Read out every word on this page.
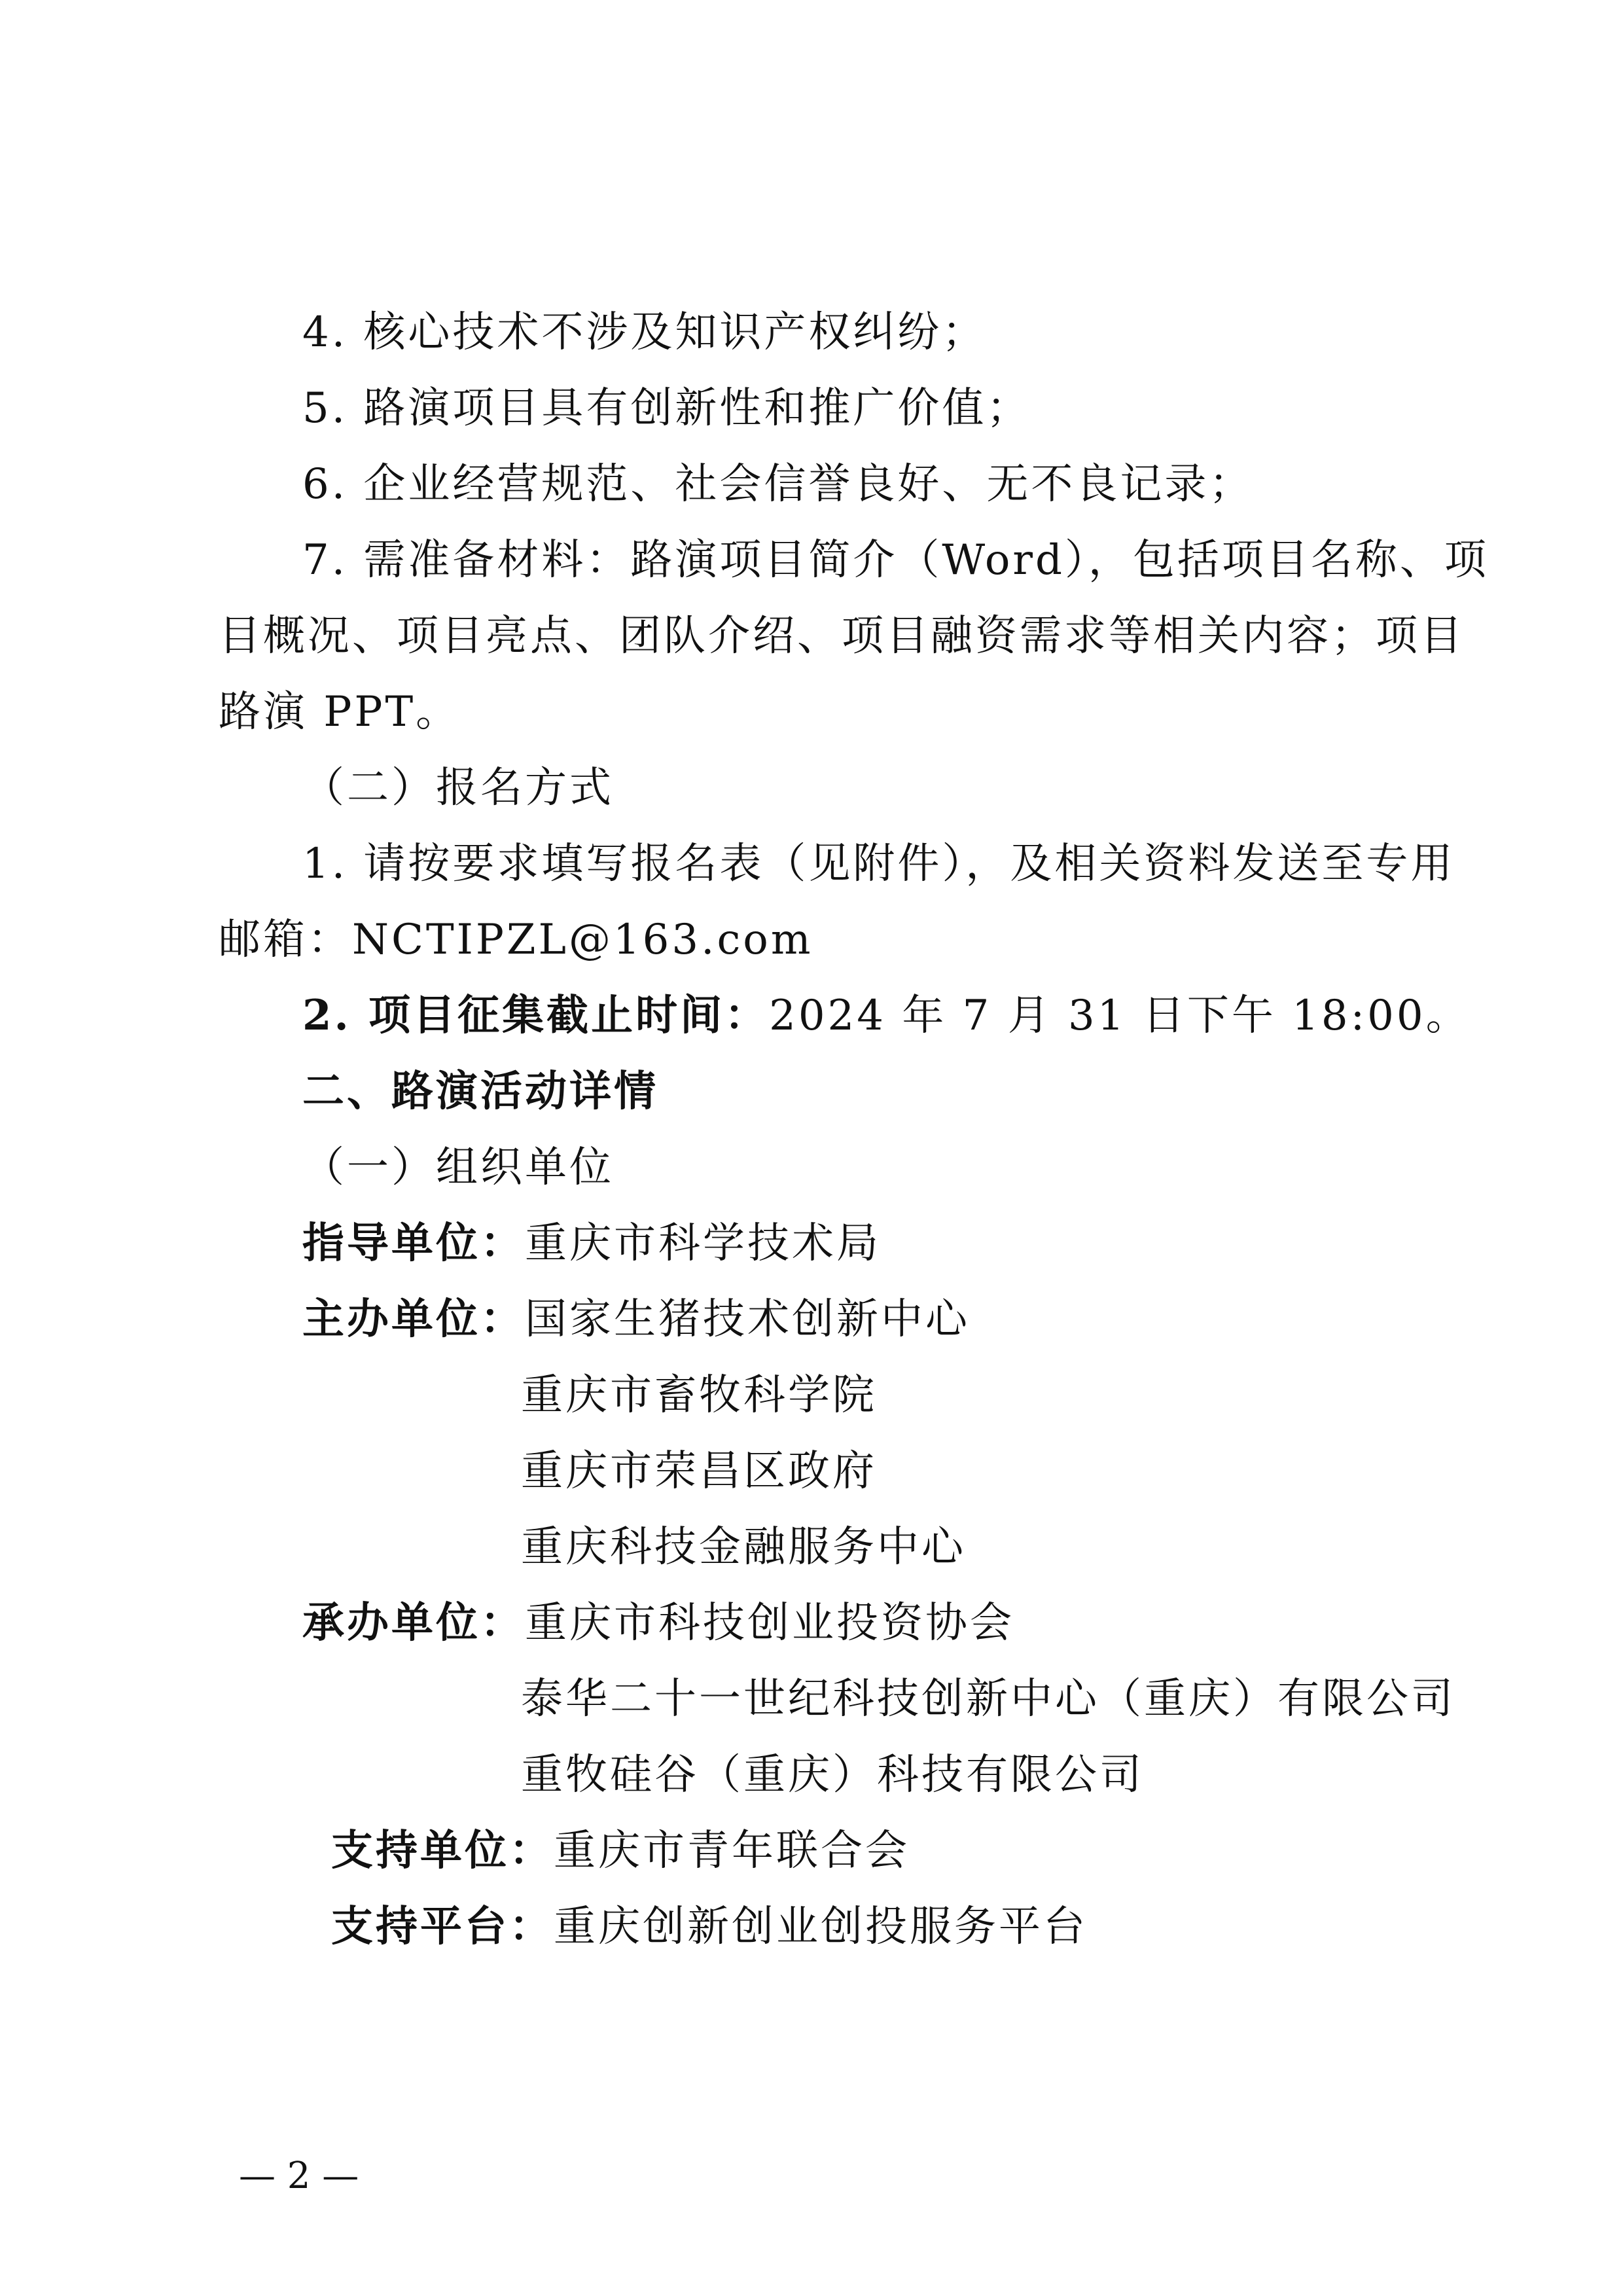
4. 核心技术不涉及知识产权纠纷；
5. 路演项目具有创新性和推广价值；
6. 企业经营规范、社会信誉良好、无不良记录；
7. 需准备材料：路演项目简介（Word），包括项目名称、项
目概况、项目亮点、团队介绍、项目融资需求等相关内容；项目
路演 PPT。
（二）报名方式
1. 请按要求填写报名表（见附件），及相关资料发送至专用
邮箱：NCTIPZL@163.com
2. 项目征集截止时间：2024 年 7 月 31 日下午 18:00。
二、路演活动详情
（一）组织单位
指导单位：重庆市科学技术局
主办单位：国家生猪技术创新中心
重庆市畜牧科学院
重庆市荣昌区政府
重庆科技金融服务中心
承办单位：重庆市科技创业投资协会
泰华二十一世纪科技创新中心（重庆）有限公司
重牧硅谷（重庆）科技有限公司
支持单位：重庆市青年联合会
支持平台：重庆创新创业创投服务平台
— 2 —
